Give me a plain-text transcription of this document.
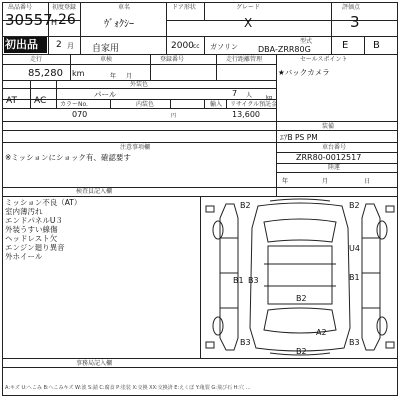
出品番号
30557
初出品
初度登録
H 26
2 月
車名
ｳﾞｫｸｼｰ
自家用
ドア形状
2000 cc ガソリン
グレード
X
型式
DBA-ZRR80G
評価点
3
E B
走行
85,280 km
車検
年 月
登録番号	走行距離管理	セールスポイント
★バックカメラ
AT AC
外装色
パール	7 人	kg
カラーNo.	内装色	輸入 リサイクル預託金
070	円	13,600
装備
ｴｱB PS PM
車台番号
ZRR80-0012517
陸運
年	月	日
注意事項欄
※ミッションにショック有、確認要す
検査員記入欄
ミッション不良（AT）
室内薄汚れ
エンドパネルU３
外装うすい線傷
ヘッドレスト欠
エンジン廻り異音
外ホイール
B2	B2
U4
B1 B3	B1
B2
A2
B3	B3
B2
事務局記入欄
A:キズ U:へこみ B:へこみキズ W:波 S:錆 C:腐食 P:塗装 X:交換 XX:交換済 E:えくぼ Y:亀裂 G:飛び石 H:穴 …
